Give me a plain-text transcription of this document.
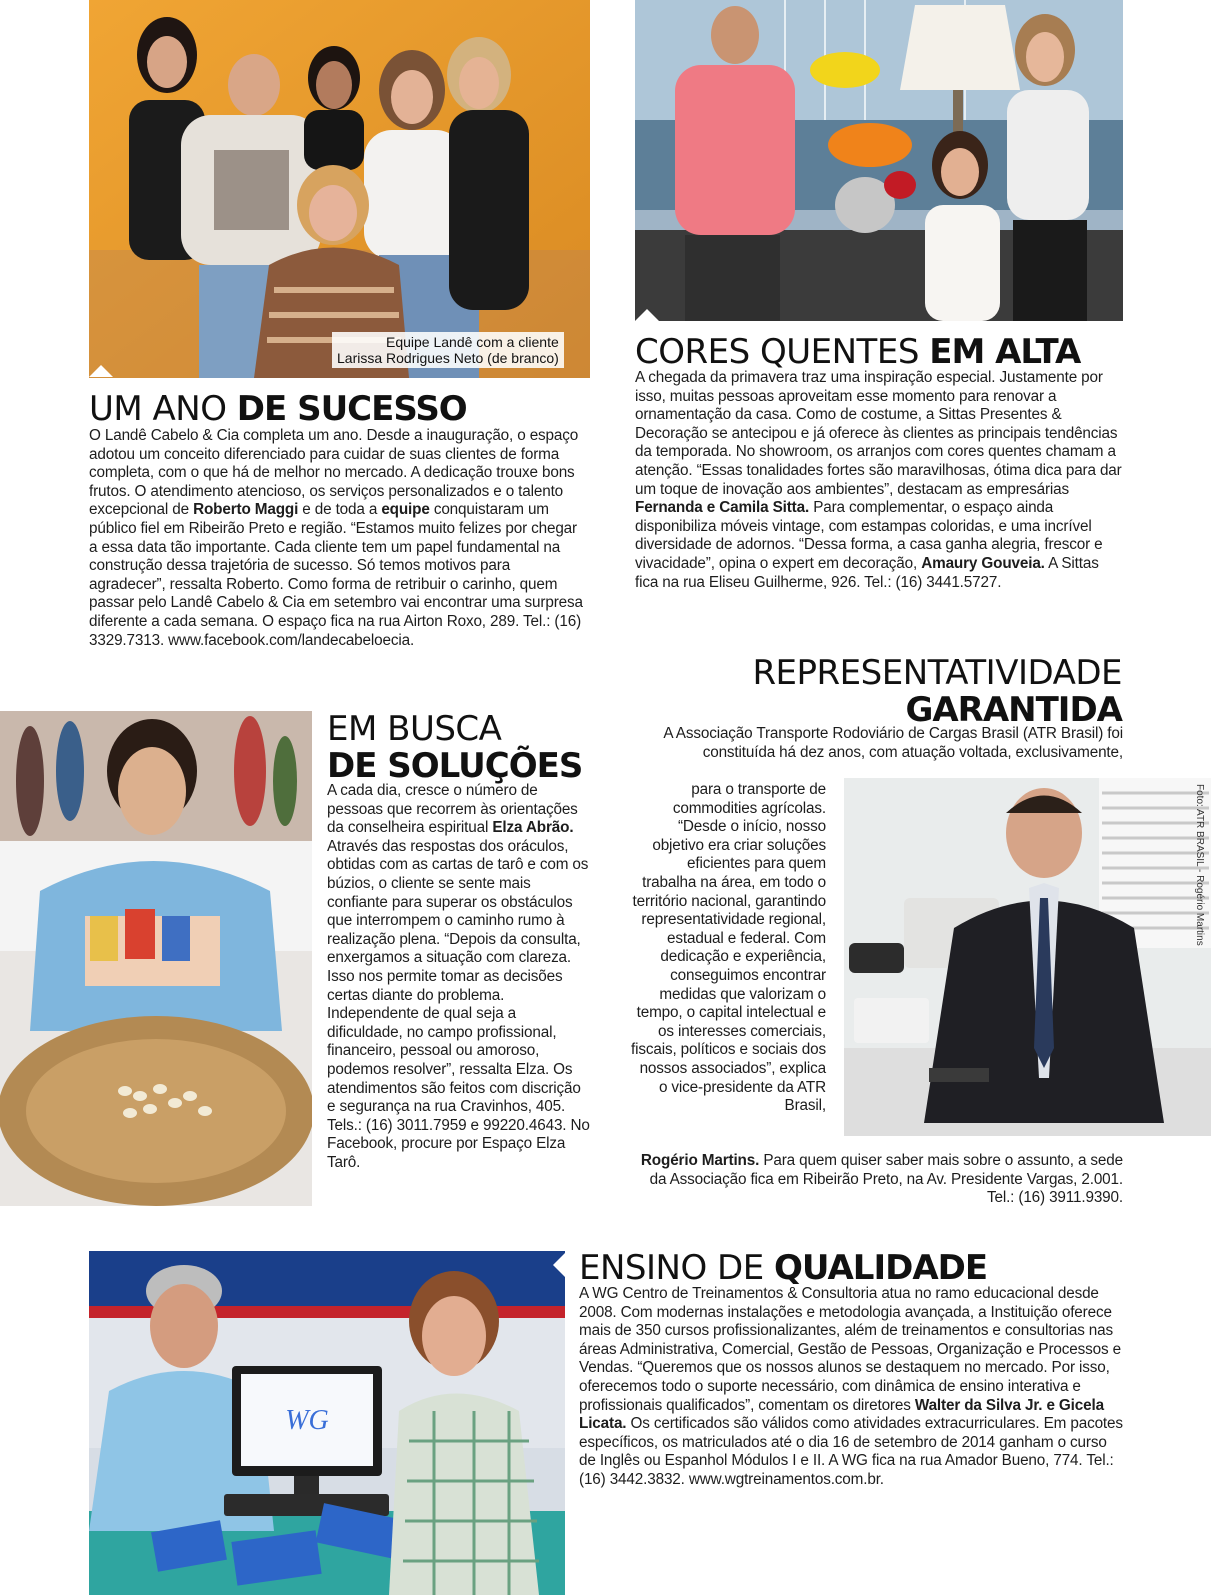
Equipe Landê com a cliente
Larissa Rodrigues Neto (de branco)
UM ANO DE SUCESSO

O Landê Cabelo & Cia completa um ano. Desde a inauguração, o espaço adotou um conceito diferenciado para cuidar de suas clientes de forma completa, com o que há de melhor no mercado. A dedicação trouxe bons frutos. O atendimento atencioso, os serviços personalizados e o talento excepcional de Roberto Maggi e de toda a equipe conquistaram um público fiel em Ribeirão Preto e região. “Estamos muito felizes por chegar a essa data tão importante. Cada cliente tem um papel fundamental na construção dessa trajetória de sucesso. Só temos motivos para agradecer”, ressalta Roberto. Como forma de retribuir o carinho, quem passar pelo Landê Cabelo & Cia em setembro vai encontrar uma surpresa diferente a cada semana. O espaço fica na rua Airton Roxo, 289. Tel.: (16) 3329.7313. www.facebook.com/landecabeloecia.

CORES QUENTES EM ALTA

A chegada da primavera traz uma inspiração especial. Justamente por isso, muitas pessoas aproveitam esse momento para renovar a ornamentação da casa. Como de costume, a Sittas Presentes & Decoração se antecipou e já oferece às clientes as principais tendências da temporada. No showroom, os arranjos com cores quentes chamam a atenção. “Essas tonalidades fortes são maravilhosas, ótima dica para dar um toque de inovação aos ambientes”, destacam as empresárias Fernanda e Camila Sitta. Para complementar, o espaço ainda disponibiliza móveis vintage, com estampas coloridas, e uma incrível diversidade de adornos. “Dessa forma, a casa ganha alegria, frescor e vivacidade”, opina o expert em decoração, Amaury Gouveia. A Sittas fica na rua Eliseu Guilherme, 926. Tel.: (16) 3441.5727.

EM BUSCA
DE SOLUÇÕES

A cada dia, cresce o número de pessoas que recorrem às orientações da conselheira espiritual Elza Abrão. Através das respostas dos oráculos, obtidas com as cartas de tarô e com os búzios, o cliente se sente mais confiante para superar os obstáculos que interrompem o caminho rumo à realização plena. “Depois da consulta, enxergamos a situação com clareza. Isso nos permite tomar as decisões certas diante do problema. Independente de qual seja a dificuldade, no campo profissional, financeiro, pessoal ou amoroso, podemos resolver”, ressalta Elza. Os atendimentos são feitos com discrição e segurança na rua Cravinhos, 405. Tels.: (16) 3011.7959 e 99220.4643. No Facebook, procure por Espaço Elza Tarô.

REPRESENTATIVIDADE
GARANTIDA
Foto: ATR BRASIL - Rogério Martins

A Associação Transporte Rodoviário de Cargas Brasil (ATR Brasil) foi constituída há dez anos, com atuação voltada, exclusivamente,

para o transporte de commodities agrícolas. “Desde o início, nosso objetivo era criar soluções eficientes para quem trabalha na área, em todo o território nacional, garantindo representatividade regional, estadual e federal. Com dedicação e experiência, conseguimos encontrar medidas que valorizam o tempo, o capital intelectual e os interesses comerciais, fiscais, políticos e sociais dos nossos associados”, explica o vice-presidente da ATR Brasil,

Rogério Martins. Para quem quiser saber mais sobre o assunto, a sede da Associação fica em Ribeirão Preto, na Av. Presidente Vargas, 2.001. Tel.: (16) 3911.9390.

WG
ENSINO DE QUALIDADE

A WG Centro de Treinamentos & Consultoria atua no ramo educacional desde 2008. Com modernas instalações e metodologia avançada, a Instituição oferece mais de 350 cursos profissionalizantes, além de treinamentos e consultorias nas áreas Administrativa, Comercial, Gestão de Pessoas, Organização e Processos e Vendas. “Queremos que os nossos alunos se destaquem no mercado. Por isso, oferecemos todo o suporte necessário, com dinâmica de ensino interativa e profissionais qualificados”, comentam os diretores Walter da Silva Jr. e Gicela Licata. Os certificados são válidos como atividades extracurriculares. Em pacotes específicos, os matriculados até o dia 16 de setembro de 2014 ganham o curso de Inglês ou Espanhol Módulos I e II. A WG fica na rua Amador Bueno, 774. Tel.: (16) 3442.3832. www.wgtreinamentos.com.br.
